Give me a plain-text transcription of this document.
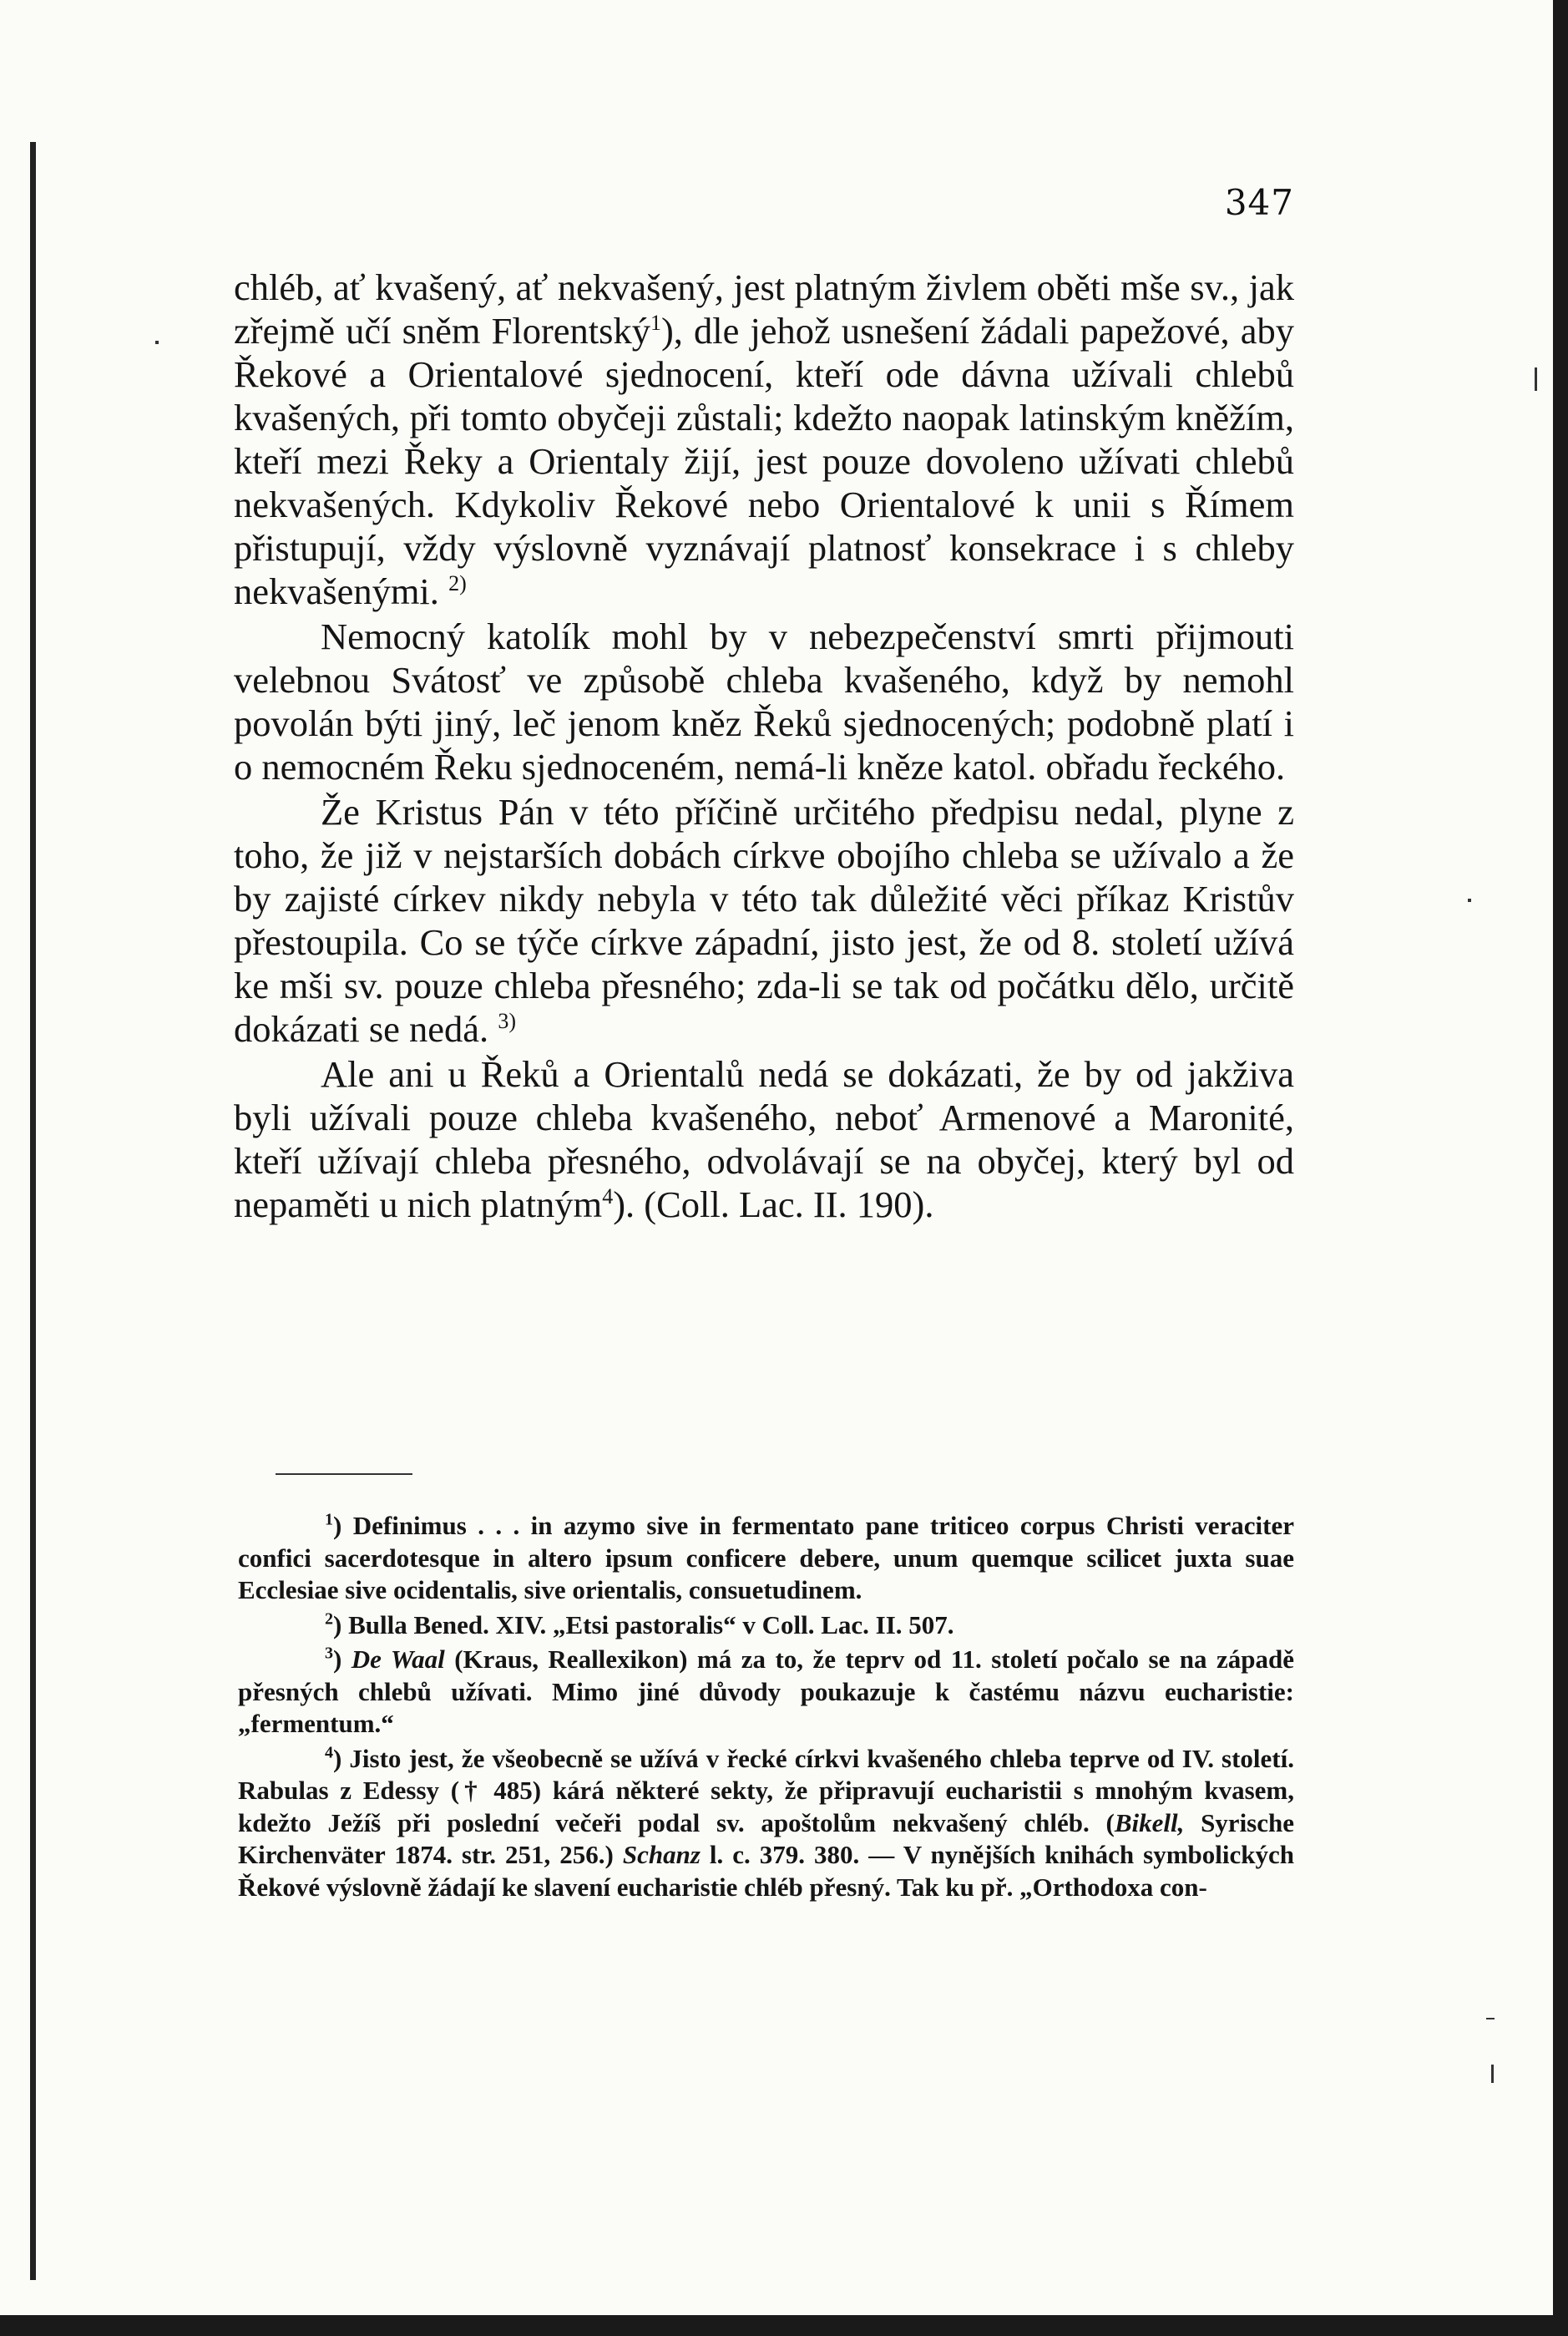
347

chléb, ať kvašený, ať nekvašený, jest platným živlem oběti mše sv., jak zřejmě učí sněm Florentský$^1$), dle jehož usnešení žádali papežové, aby Řekové a Orientalové sjednocení, kteří ode dávna užívali chlebů kvašených, při tomto obyčeji zůstali; kdežto naopak latinským kněžím, kteří mezi Řeky a Orientaly žijí, jest pouze dovoleno užívati chlebů nekvašených. Kdykoliv Řekové nebo Orientalové k unii s Římem přistupují, vždy výslovně vyznávají platnosť konsekrace i s chleby nekvašenými. $^{2)}$

Nemocný katolík mohl by v nebezpečenství smrti přijmouti velebnou Svátosť ve způsobě chleba kvašeného, když by nemohl povolán býti jiný, leč jenom kněz Řeků sjednocených; podobně platí i o nemocném Řeku sjednoceném, nemá-li kněze katol. obřadu řeckého.

Že Kristus Pán v této příčině určitého předpisu nedal, plyne z toho, že již v nejstarších dobách církve obojího chleba se užívalo a že by zajisté církev nikdy nebyla v této tak důležité věci příkaz Kristův přestoupila. Co se týče církve západní, jisto jest, že od 8. století užívá ke mši sv. pouze chleba přesného; zda-li se tak od počátku dělo, určitě dokázati se nedá. $^{3)}$

Ale ani u Řeků a Orientalů nedá se dokázati, že by od jakživa byli užívali pouze chleba kvašeného, neboť Armenové a Maronité, kteří užívají chleba přesného, odvolávají se na obyčej, který byl od nepaměti u nich platným$^4$). (Coll. Lac. II. 190).

$^1$) Definimus . . . in azymo sive in fermentato pane triticeo corpus Christi veraciter confici sacerdotesque in altero ipsum conficere debere, unum quemque scilicet juxta suae Ecclesiae sive ocidentalis, sive orientalis, consuetudinem.

$^2$) Bulla Bened. XIV. „Etsi pastoralis“ v Coll. Lac. II. 507.

$^3$) De Waal (Kraus, Reallexikon) má za to, že teprv od 11. století počalo se na západě přesných chlebů užívati. Mimo jiné důvody poukazuje k častému názvu eucharistie: „fermentum.“

$^4$) Jisto jest, že všeobecně se užívá v řecké církvi kvašeného chleba teprve od IV. století. Rabulas z Edessy († 485) kárá některé sekty, že připravují eucharistii s mnohým kvasem, kdežto Ježíš při poslední večeři podal sv. apoštolům nekvašený chléb. (Bikell, Syrische Kirchenväter 1874. str. 251, 256.) Schanz l. c. 379. 380. — V nynějších knihách symbolických Řekové výslovně žádají ke slavení eucharistie chléb přesný. Tak ku př. „Orthodoxa con-
